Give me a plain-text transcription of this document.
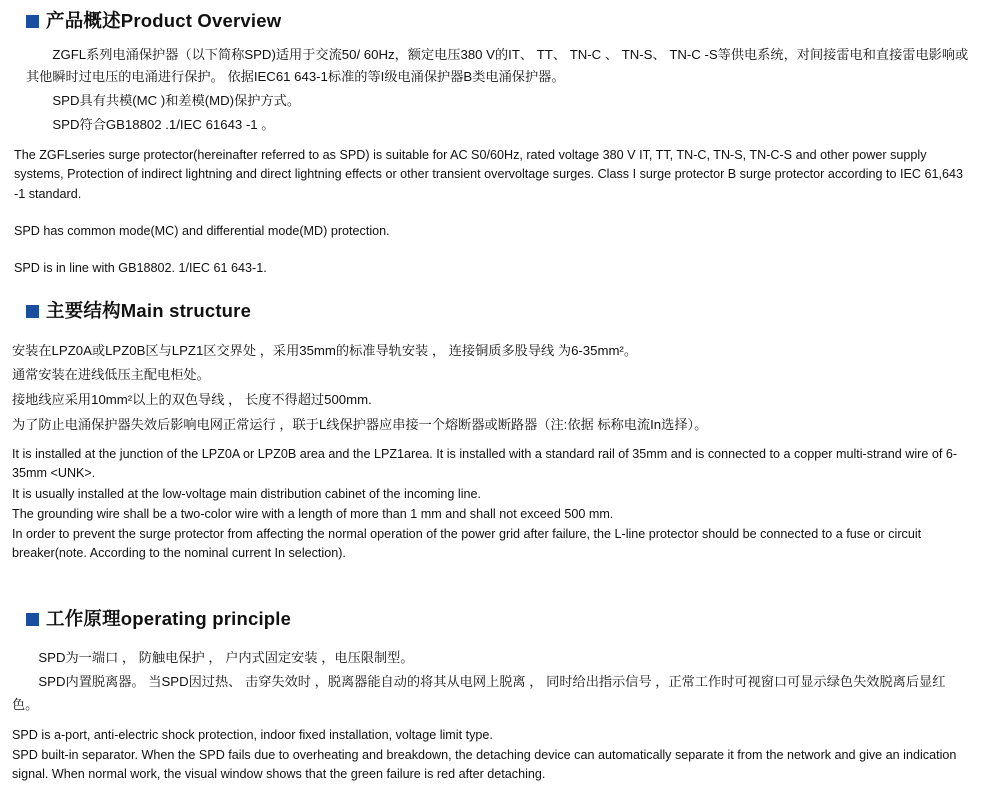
产品概述Product Overview
ZGFL系列电涌保护器（以下简称SPD)适用于交流50/ 60Hz，额定电压380 V的IT、 TT、 TN-C 、 TN-S、 TN-C -S等供电系统，对间接雷电和直接雷电影响或其他瞬时过电压的电涌进行保护。 依据IEC61 643-1标准的等I级电涌保护器B类电涌保护器。
SPD具有共模(MC )和差模(MD)保护方式。
SPD符合GB18802 .1/IEC 61643 -1 。

The ZGFLseries surge protector(hereinafter referred to as SPD) is suitable for AC S0/60Hz, rated voltage 380 V IT, TT, TN-C, TN-S, TN-C-S and other power supply systems, Protection of indirect lightning and direct lightning effects or other transient overvoltage surges. Class I surge protector B surge protector according to IEC 61,643 -1 standard.

SPD has common mode(MC) and differential mode(MD) protection.

SPD is in line with GB18802. 1/IEC 61 643-1.

主要结构Main structure
安装在LPZ0A或LPZ0B区与LPZ1区交界处 ，采用35mm的标准导轨安装 ， 连接铜质多股导线 为6-35mm²。
通常安装在进线低压主配电柜处。
接地线应采用10mm²以上的双色导线 ， 长度不得超过500mm.
为了防止电涌保护器失效后影响电网正常运行 ，联于L线保护器应串接一个熔断器或断路器（注:依据 标称电流In选择）。

It is installed at the junction of the LPZ0A or LPZ0B area and the LPZ1area. It is installed with a standard rail of 35mm and is connected to a copper multi-strand wire of 6-35mm <UNK>.

It is usually installed at the low-voltage main distribution cabinet of the incoming line.

The grounding wire shall be a two-color wire with a length of more than 1 mm and shall not exceed 500 mm.

In order to prevent the surge protector from affecting the normal operation of the power grid after failure, the L-line protector should be connected to a fuse or circuit breaker(note. According to the nominal current In selection).

工作原理operating principle
SPD为一端口 ， 防触电保护 ， 户内式固定安装 ，电压限制型。
SPD内置脱离器。 当SPD因过热、 击穿失效时 ，脱离器能自动的将其从电网上脱离 ， 同时给出指示信号 ，正常工作时可视窗口可显示绿色失效脱离后显红色。

SPD is a-port, anti-electric shock protection, indoor fixed installation, voltage limit type.

SPD built-in separator. When the SPD fails due to overheating and breakdown, the detaching device can automatically separate it from the network and give an indication signal. When normal work, the visual window shows that the green failure is red after detaching.
